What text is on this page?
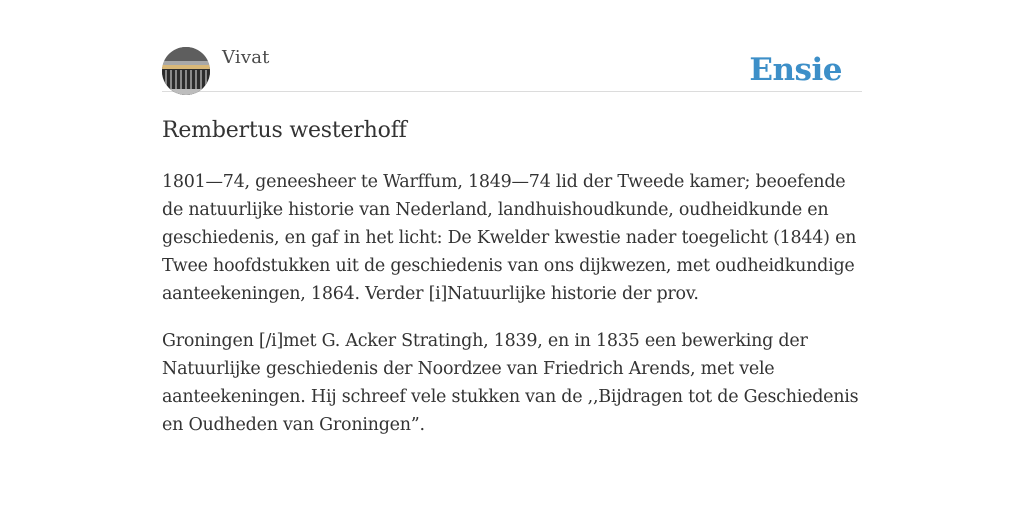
Vivat	Ensie
Rembertus westerhoff

1801—74, geneesheer te Warffum, 1849—74 lid der Tweede kamer; beoefende de natuurlijke historie van Nederland, landhuishoudkunde, oudheidkunde en geschiedenis, en gaf in het licht: De Kwelder kwestie nader toegelicht (1844) en Twee hoofdstukken uit de geschiedenis van ons dijkwezen, met oudheidkundige aanteekeningen, 1864. Verder [i]Natuurlijke historie der prov.

Groningen [/i]met G. Acker Stratingh, 1839, en in 1835 een bewerking der Natuurlijke geschiedenis der Noordzee van Friedrich Arends, met vele aanteekeningen. Hij schreef vele stukken van de ,,Bijdragen tot de Geschiedenis en Oudheden van Groningen”.
